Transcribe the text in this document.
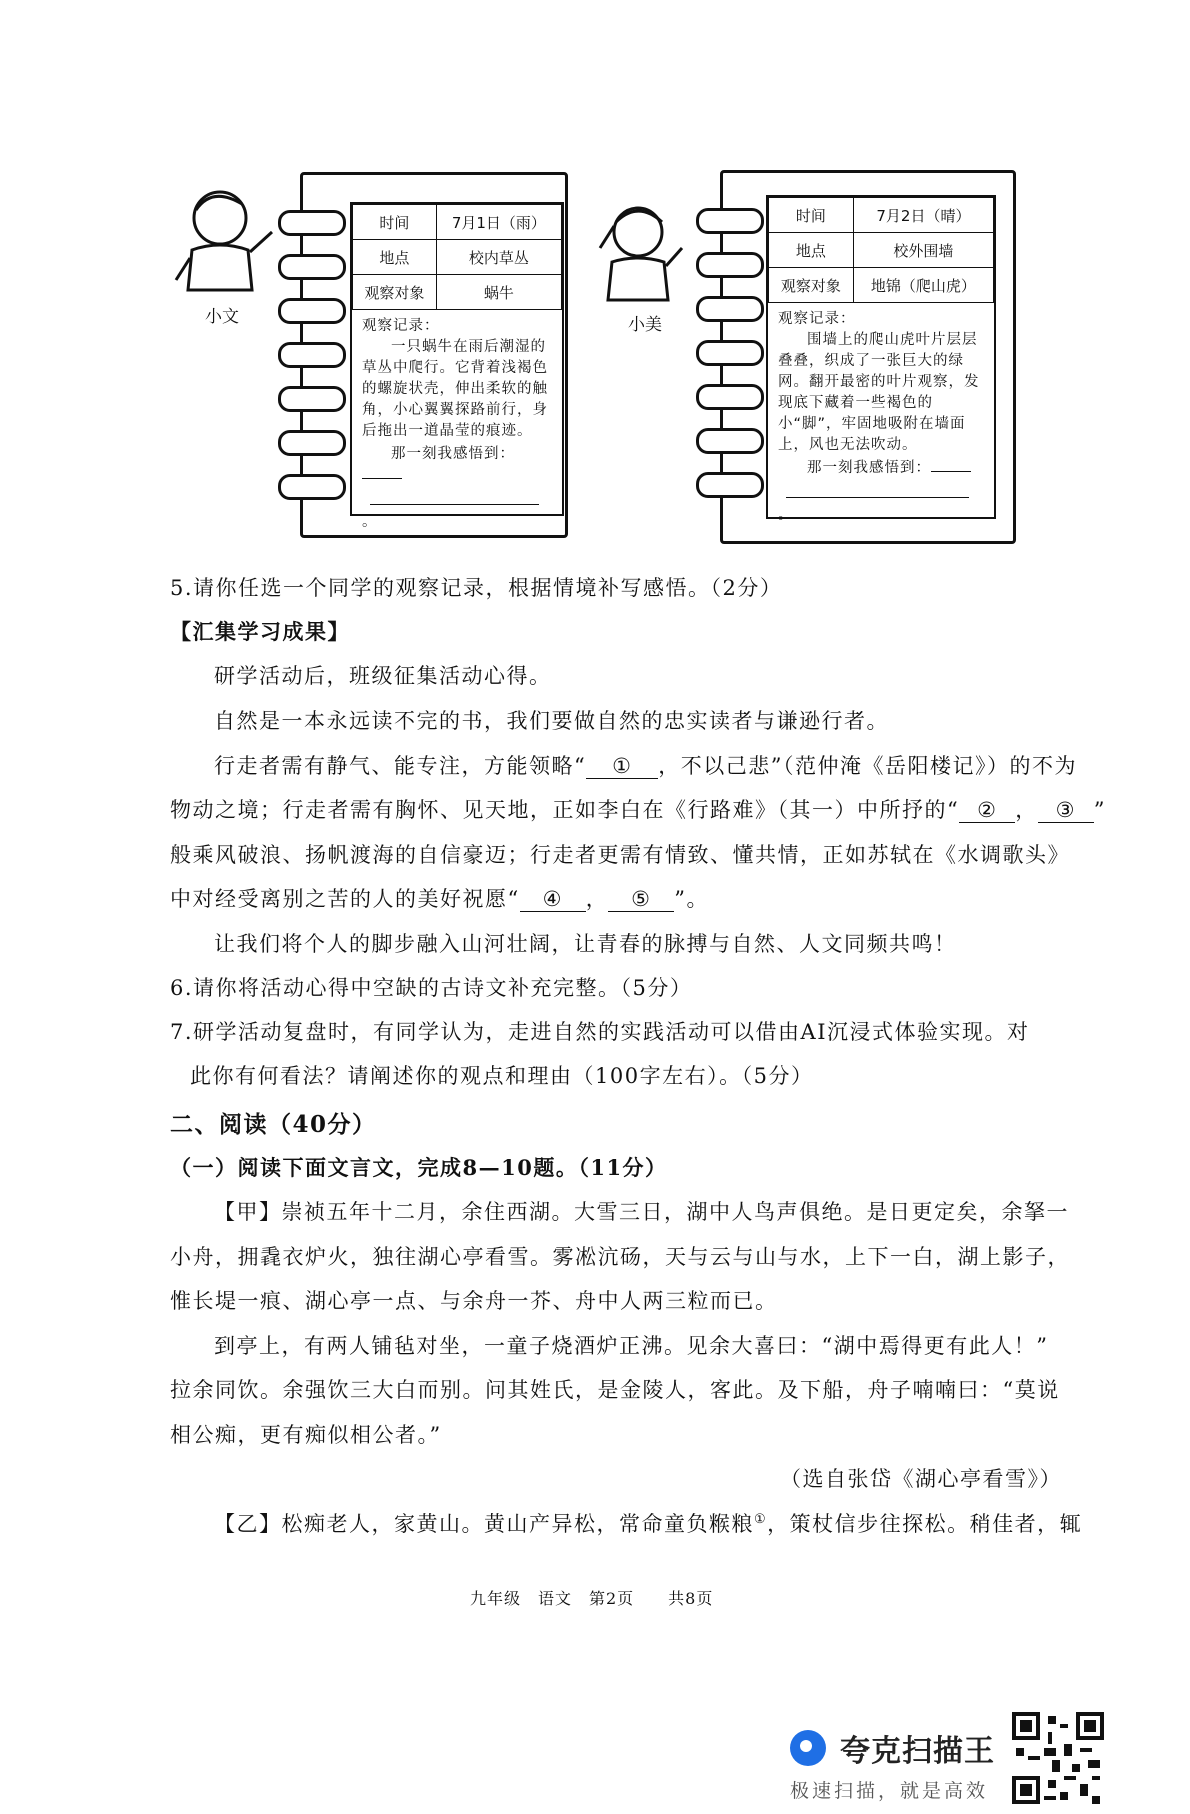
小文
时间	7月1日（雨）
地点	校内草丛
观察对象	蜗牛

观察记录：

一只蜗牛在雨后潮湿的草丛中爬行。它背着浅褐色的螺旋状壳，伸出柔软的触角，小心翼翼探路前行，身后拖出一道晶莹的痕迹。

那一刻我感悟到：

。

小美
时间	7月2日（晴）
地点	校外围墙
观察对象	地锦（爬山虎）

观察记录：

围墙上的爬山虎叶片层层叠叠，织成了一张巨大的绿网。翻开最密的叶片观察，发现底下藏着一些褐色的小“脚”，牢固地吸附在墙面上，风也无法吹动。

那一刻我感悟到：

。

5.请你任选一个同学的观察记录，根据情境补写感悟。（2分）
【汇集学习成果】
研学活动后，班级征集活动心得。
自然是一本永远读不完的书，我们要做自然的忠实读者与谦逊行者。
行走者需有静气、能专注，方能领略“ ① ，不以己悲”（范仲淹《岳阳楼记》）的不为
物动之境；行走者需有胸怀、见天地，正如李白在《行路难》（其一）中所抒的“ ② ， ③ ”
般乘风破浪、扬帆渡海的自信豪迈；行走者更需有情致、懂共情，正如苏轼在《水调歌头》
中对经受离别之苦的人的美好祝愿“ ④ ， ⑤ ”。
让我们将个人的脚步融入山河壮阔，让青春的脉搏与自然、人文同频共鸣！
6.请你将活动心得中空缺的古诗文补充完整。（5分）
7.研学活动复盘时，有同学认为，走进自然的实践活动可以借由AI沉浸式体验实现。对
此你有何看法？请阐述你的观点和理由（100字左右）。（5分）
二、阅读（40分）
（一）阅读下面文言文，完成8—10题。（11分）
【甲】崇祯五年十二月，余住西湖。大雪三日，湖中人鸟声俱绝。是日更定矣，余拏一
小舟，拥毳衣炉火，独往湖心亭看雪。雾凇沆砀，天与云与山与水，上下一白，湖上影子，
惟长堤一痕、湖心亭一点、与余舟一芥、舟中人两三粒而已。
到亭上，有两人铺毡对坐，一童子烧酒炉正沸。见余大喜曰：“湖中焉得更有此人！”
拉余同饮。余强饮三大白而别。问其姓氏，是金陵人，客此。及下船，舟子喃喃曰：“莫说
相公痴，更有痴似相公者。”
（选自张岱《湖心亭看雪》）
【乙】松痴老人，家黄山。黄山产异松，常命童负糇粮①，策杖信步往探松。稍佳者，辄
九年级　语文　第2页　　共8页
夸克扫描王
极速扫描，就是高效
